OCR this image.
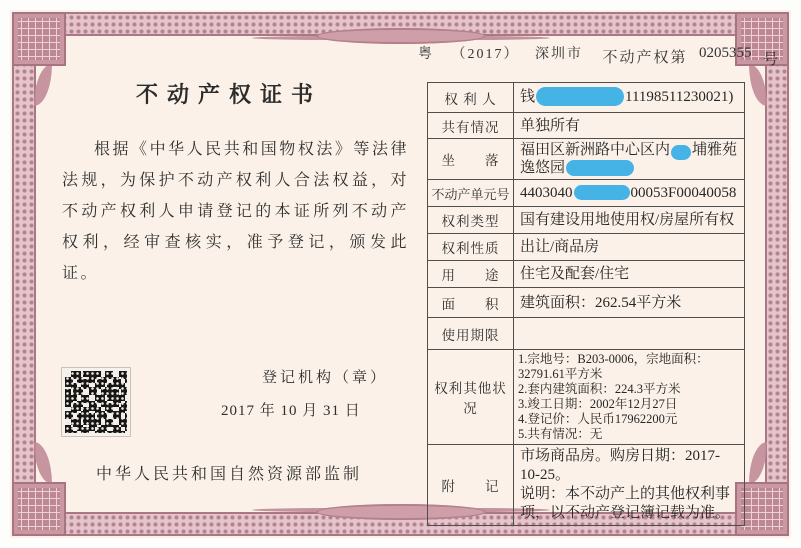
粤 （2017） 深圳市 不动产权第 0205355 号
不动产权证书
根据《中华人民共和国物权法》等法律法规，为保护不动产权利人合法权益，对不动产权利人申请登记的本证所列不动产权利，经审查核实，准予登记，颁发此证。
登记机构（章）
2017 年 10 月 31 日
中华人民共和国自然资源部监制
权 利 人	钱 11198511230021)
共有情况	单独所有
坐　　落	福田区新洲路中心区内 埔雅苑逸悠园
不动产单元号	4403040 00053F00040058
权利类型	国有建设用地使用权/房屋所有权
权利性质	出让/商品房
用　　途	住宅及配套/住宅
面　　积	建筑面积：262.54平方米
使用期限	
权利其他状况	1.宗地号：B203-0006，宗地面积：32791.61平方米
2.套内建筑面积：224.3平方米
3.竣工日期：2002年12月27日
4.登记价：人民币17962200元
5.共有情况：无

附　　记	市场商品房。购房日期：2017-10-25。
说明：本不动产上的其他权利事项，以不动产登记簿记载为准。
